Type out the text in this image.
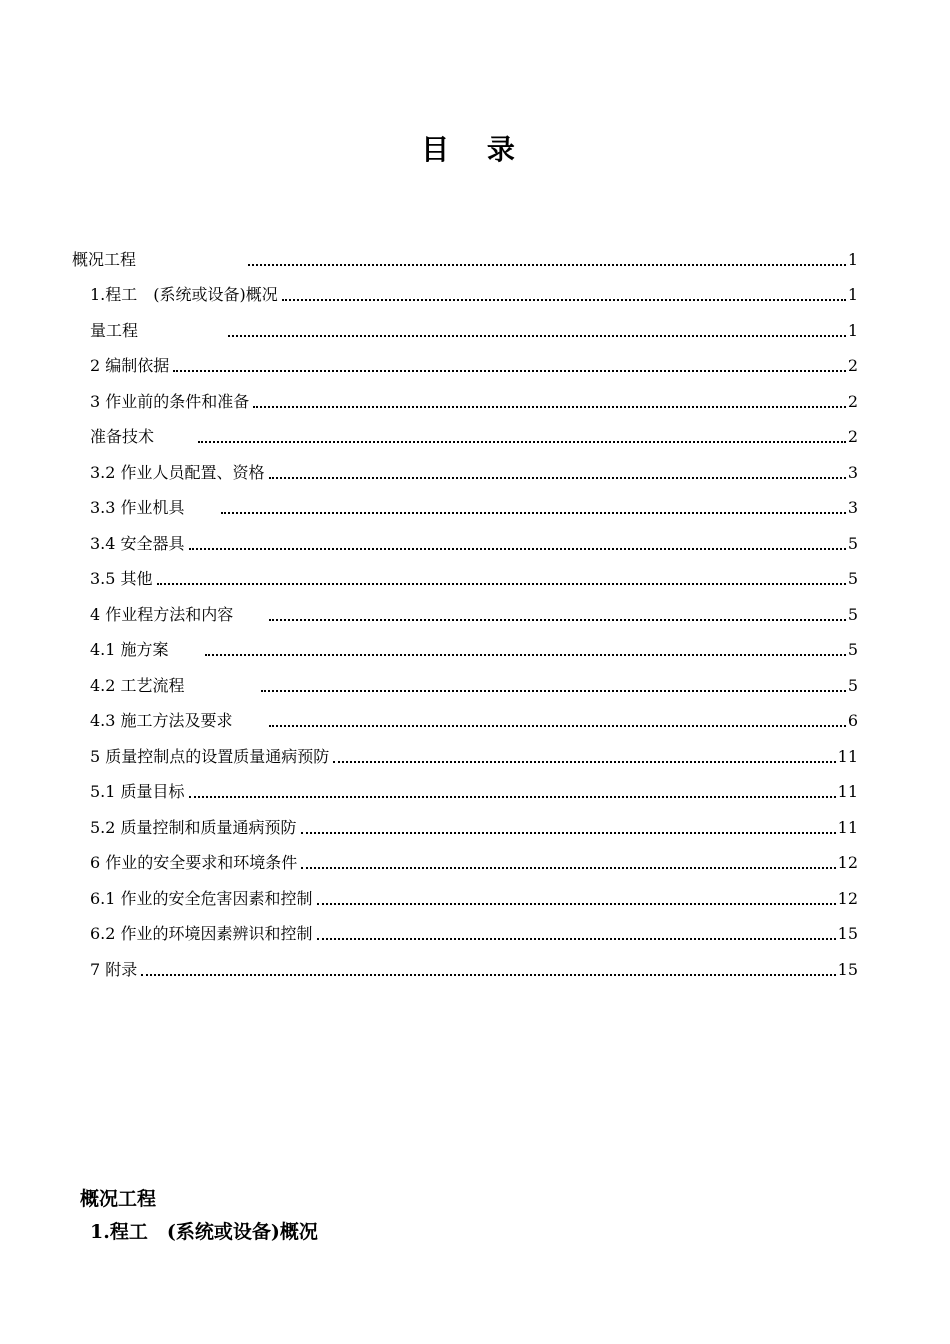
目 录
概况工程	1
1.程工　(系统或设备)概况	1
量工程	1
2 编制依据	2
3 作业前的条件和准备	2
准备技术	2
3.2 作业人员配置、资格	3
3.3 作业机具	3
3.4 安全器具	5
3.5 其他	5
4 作业程方法和内容	5
4.1 施方案	5
4.2 工艺流程	5
4.3 施工方法及要求	6
5 质量控制点的设置质量通病预防	11
5.1 质量目标	11
5.2 质量控制和质量通病预防	11
6 作业的安全要求和环境条件	12
6.1 作业的安全危害因素和控制	12
6.2 作业的环境因素辨识和控制	15
7 附录	15
概况工程
1.程工　(系统或设备)概况
